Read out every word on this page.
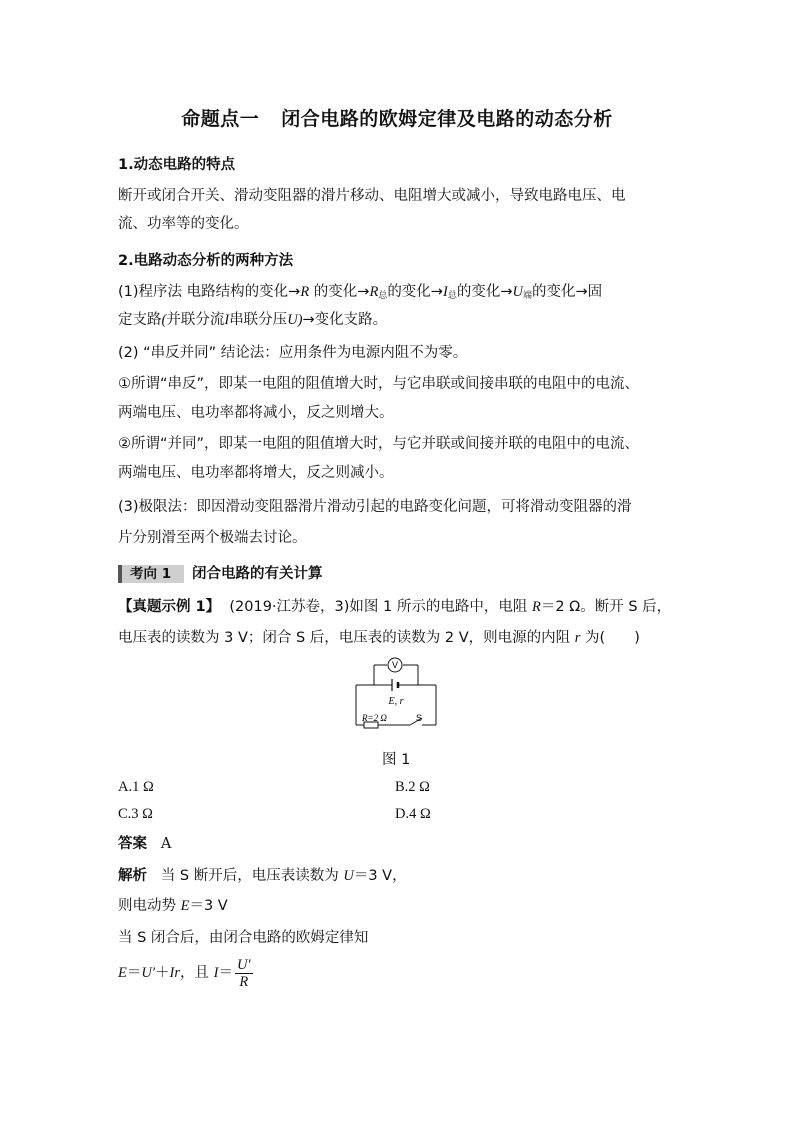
命题点一 闭合电路的欧姆定律及电路的动态分析
1.动态电路的特点
断开或闭合开关、滑动变阻器的滑片移动、电阻增大或减小，导致电路电压、电
流、功率等的变化。
2.电路动态分析的两种方法
(1)程序法 电路结构的变化→R 的变化$\to R_总$的变化$\to I_总$的变化$\to U_端$的变化→固
定支路(并联分流I串联分压U)→变化支路。
(2) “串反并同” 结论法：应用条件为电源内阻不为零。
①所谓“串反”，即某一电阻的阻值增大时，与它串联或间接串联的电阻中的电流、
两端电压、电功率都将减小，反之则增大。
②所谓“并同”，即某一电阻的阻值增大时，与它并联或间接并联的电阻中的电流、
两端电压、电功率都将增大，反之则减小。
(3)极限法：即因滑动变阻器滑片滑动引起的电路变化问题，可将滑动变阻器的滑
片分别滑至两个极端去讨论。
考向 1 闭合电路的有关计算
【真题示例 1】 (2019·江苏卷，3)如图 1 所示的电路中，电阻 R＝2 Ω。断开 S 后，
电压表的读数为 3 V；闭合 S 后，电压表的读数为 2 V，则电源的内阻 r 为(　　)
V
E, r
R=2 Ω	S
图 1
A.1 Ω	B.2 Ω
C.3 Ω	D.4 Ω
答案 A
解析 当 S 断开后，电压表读数为 U＝3 V，
则电动势 E＝3 V
当 S 闭合后，由闭合电路的欧姆定律知
E＝U′＋Ir，且 $I= \frac{U'}{R}$
